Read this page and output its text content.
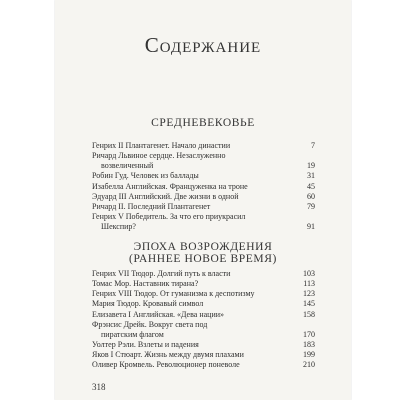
Содержание
СРЕДНЕВЕКОВЬЕ
Генрих II Плантагенет. Начало династии	7
Ричард Львиное сердце. Незаслуженно
возвеличенный	19
Робин Гуд. Человек из баллады	31
Изабелла Английская. Француженка на троне	45
Эдуард III Английский. Две жизни в одной	60
Ричард II. Последний Плантагенет	79
Генрих V Победитель. За что его приукрасил
Шекспир?	91
ЭПОХА ВОЗРОЖДЕНИЯ
(РАННЕЕ НОВОЕ ВРЕМЯ)
Генрих VII Тюдор. Долгий путь к власти	103
Томас Мор. Наставник тирана?	113
Генрих VIII Тюдор. От гуманизма к деспотизму	123
Мария Тюдор. Кровавый символ	145
Елизавета I Английская. «Дева нации»	158
Фрэнсис Дрейк. Вокруг света под
пиратским флагом	170
Уолтер Рэли. Взлеты и падения	183
Яков I Стюарт. Жизнь между двумя плахами	199
Оливер Кромвель. Революционер поневоле	210
318
